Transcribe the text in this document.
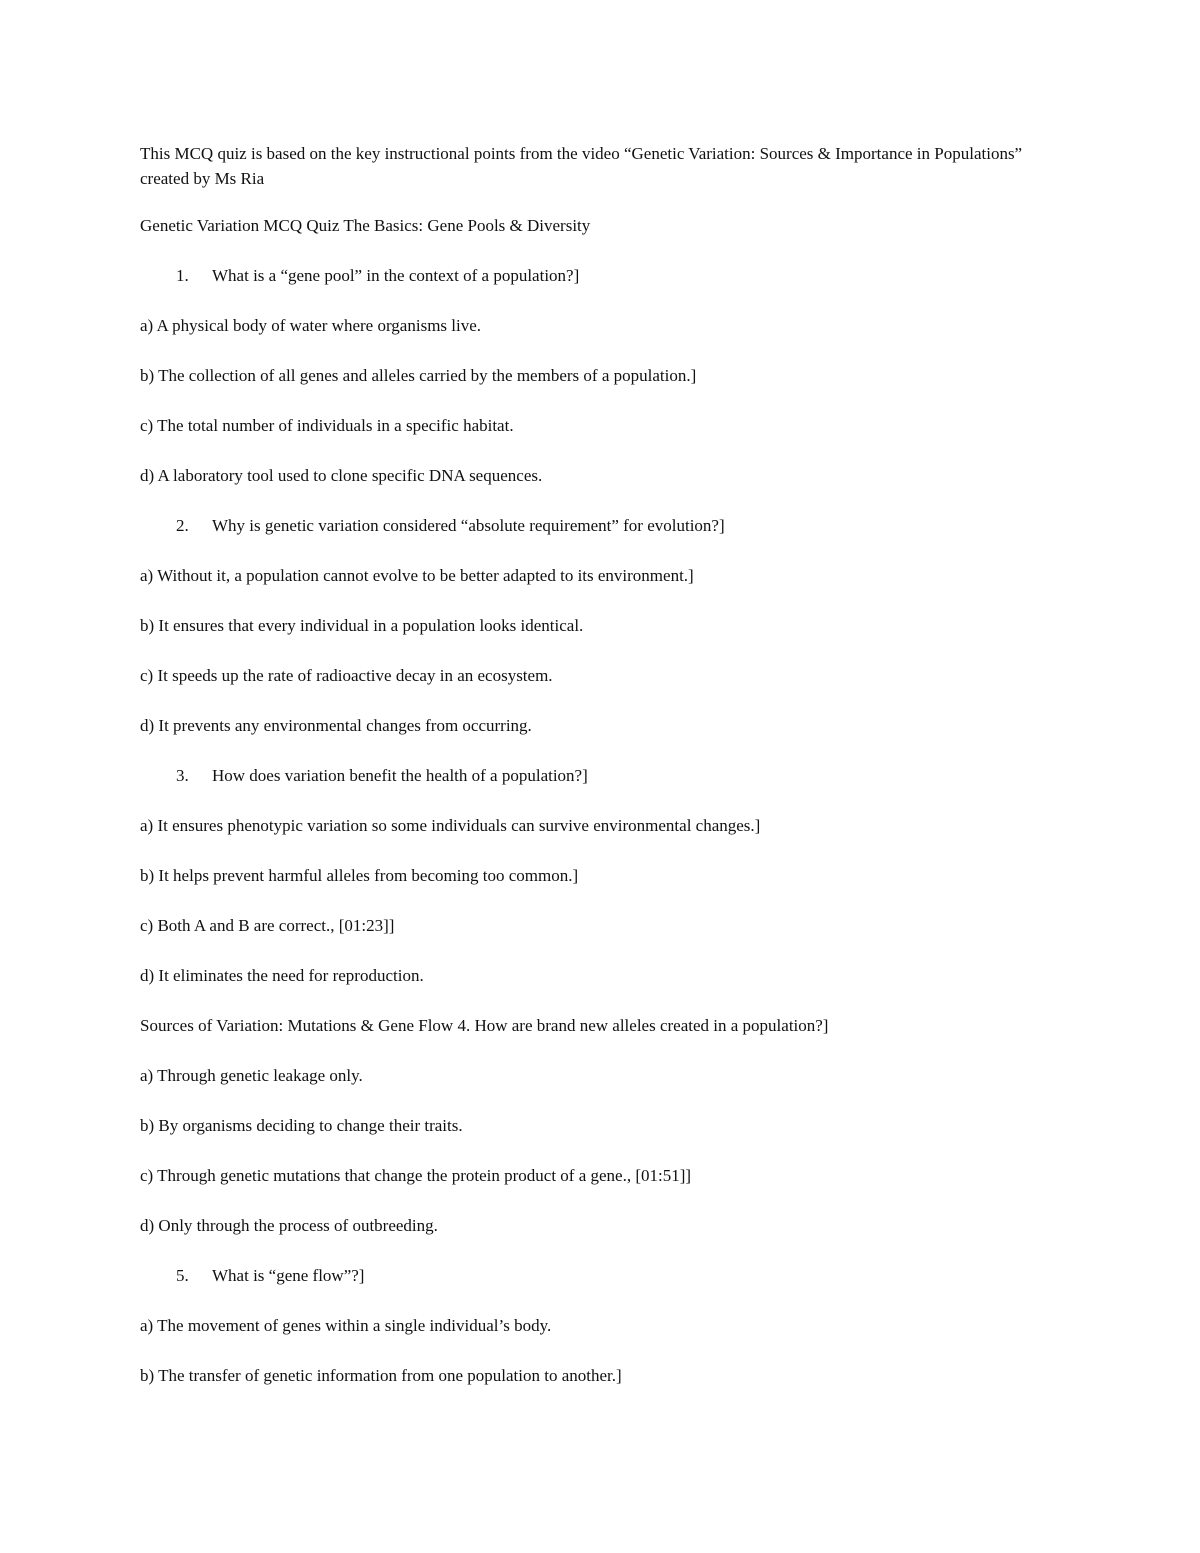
This MCQ quiz is based on the key instructional points from the video “Genetic Variation: Sources & Importance in Populations” created by Ms Ria
Genetic Variation MCQ Quiz The Basics: Gene Pools & Diversity
1. What is a “gene pool” in the context of a population?]
a) A physical body of water where organisms live.
b) The collection of all genes and alleles carried by the members of a population.]
c) The total number of individuals in a specific habitat.
d) A laboratory tool used to clone specific DNA sequences.
2. Why is genetic variation considered “absolute requirement” for evolution?]
a) Without it, a population cannot evolve to be better adapted to its environment.]
b) It ensures that every individual in a population looks identical.
c) It speeds up the rate of radioactive decay in an ecosystem.
d) It prevents any environmental changes from occurring.
3. How does variation benefit the health of a population?]
a) It ensures phenotypic variation so some individuals can survive environmental changes.]
b) It helps prevent harmful alleles from becoming too common.]
c) Both A and B are correct., [01:23]]
d) It eliminates the need for reproduction.
Sources of Variation: Mutations & Gene Flow 4. How are brand new alleles created in a population?]
a) Through genetic leakage only.
b) By organisms deciding to change their traits.
c) Through genetic mutations that change the protein product of a gene., [01:51]]
d) Only through the process of outbreeding.
5. What is “gene flow”?]
a) The movement of genes within a single individual’s body.
b) The transfer of genetic information from one population to another.]
